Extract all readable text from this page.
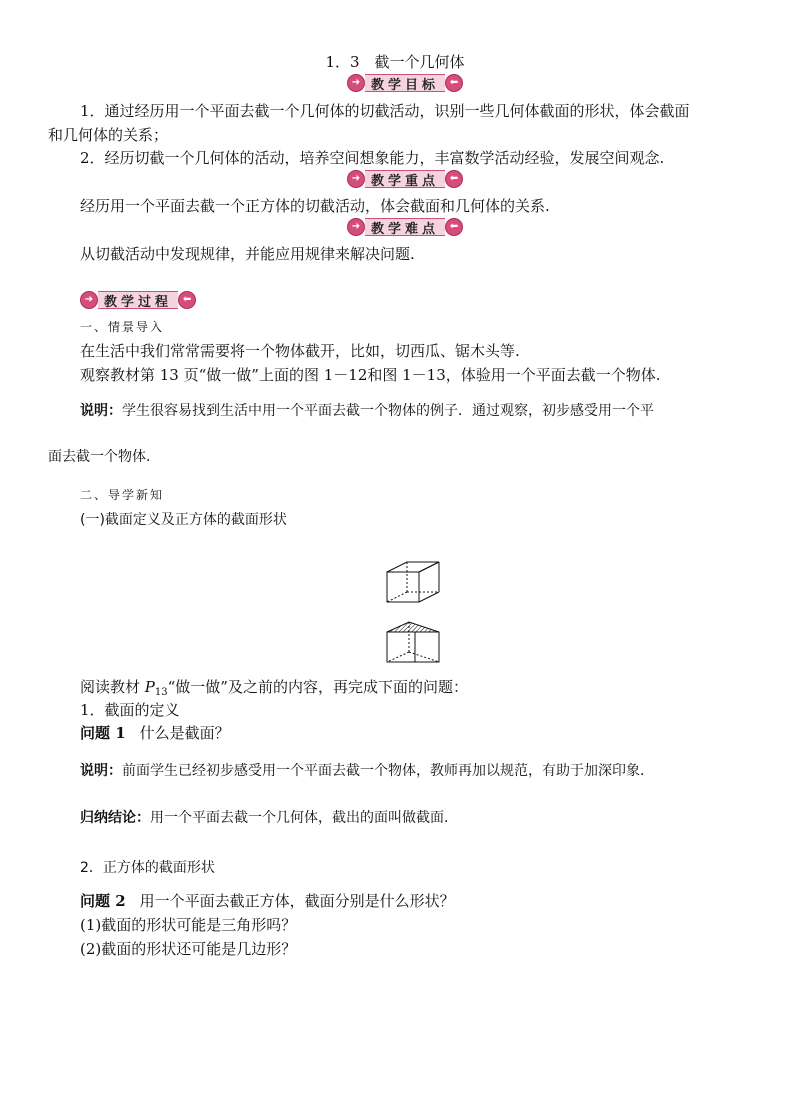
1．3　截一个几何体
➔ 教学目标	⬅
1．通过经历用一个平面去截一个几何体的切截活动，识别一些几何体截面的形状，体会截面
和几何体的关系；
2．经历切截一个几何体的活动，培养空间想象能力，丰富数学活动经验，发展空间观念.
➔ 教学重点	⬅
经历用一个平面去截一个正方体的切截活动，体会截面和几何体的关系.
➔ 教学难点	⬅
从切截活动中发现规律，并能应用规律来解决问题.
➔ 教学过程	⬅
一、情景导入
在生活中我们常常需要将一个物体截开，比如，切西瓜、锯木头等.
观察教材第 13 页“做一做”上面的图 1－12和图 1－13，体验用一个平面去截一个物体.
说明：学生很容易找到生活中用一个平面去截一个物体的例子．通过观察，初步感受用一个平
面去截一个物体．
二、导学新知
(一)截面定义及正方体的截面形状
阅读教材 $P_{13}“$做一做”及之前的内容，再完成下面的问题：
1．截面的定义
问题 1 什么是截面？
说明：前面学生已经初步感受用一个平面去截一个物体，教师再加以规范，有助于加深印象．
归纳结论：用一个平面去截一个几何体，截出的面叫做截面．
2．正方体的截面形状
问题 2 用一个平面去截正方体，截面分别是什么形状？
(1)截面的形状可能是三角形吗？
(2)截面的形状还可能是几边形？
